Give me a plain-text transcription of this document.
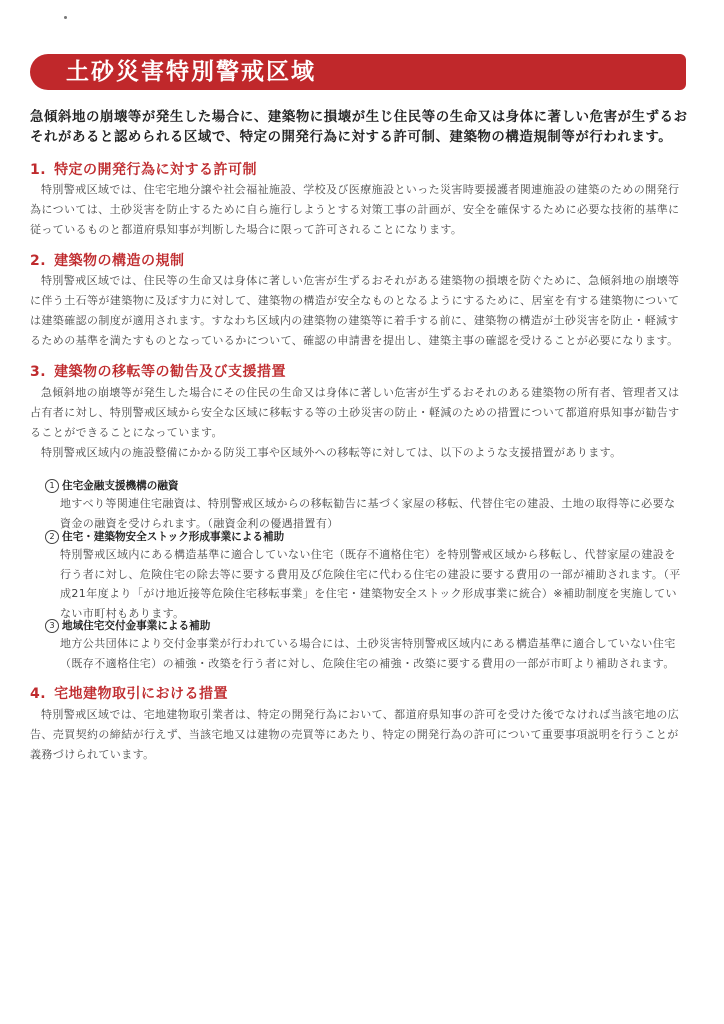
土砂災害特別警戒区域
急傾斜地の崩壊等が発生した場合に、建築物に損壊が生じ住民等の生命又は身体に著しい危害が生ずるおそれがあると認められる区域で、特定の開発行為に対する許可制、建築物の構造規制等が行われます。
1. 特定の開発行為に対する許可制

特別警戒区域では、住宅宅地分譲や社会福祉施設、学校及び医療施設といった災害時要援護者関連施設の建築のための開発行為については、土砂災害を防止するために自ら施行しようとする対策工事の計画が、安全を確保するために必要な技術的基準に従っているものと都道府県知事が判断した場合に限って許可されることになります。

2. 建築物の構造の規制

特別警戒区域では、住民等の生命又は身体に著しい危害が生ずるおそれがある建築物の損壊を防ぐために、急傾斜地の崩壊等に伴う土石等が建築物に及ぼす力に対して、建築物の構造が安全なものとなるようにするために、居室を有する建築物については建築確認の制度が適用されます。すなわち区域内の建築物の建築等に着手する前に、建築物の構造が土砂災害を防止・軽減するための基準を満たすものとなっているかについて、確認の申請書を提出し、建築主事の確認を受けることが必要になります。

3. 建築物の移転等の勧告及び支援措置

急傾斜地の崩壊等が発生した場合にその住民の生命又は身体に著しい危害が生ずるおそれのある建築物の所有者、管理者又は占有者に対し、特別警戒区域から安全な区域に移転する等の土砂災害の防止・軽減のための措置について都道府県知事が勧告することができることになっています。

特別警戒区域内の施設整備にかかる防災工事や区域外への移転等に対しては、以下のような支援措置があります。

1 住宅金融支援機構の融資
地すべり等関連住宅融資は、特別警戒区域からの移転勧告に基づく家屋の移転、代替住宅の建設、土地の取得等に必要な資金の融資を受けられます。（融資金利の優遇措置有）
2 住宅・建築物安全ストック形成事業による補助
特別警戒区域内にある構造基準に適合していない住宅（既存不適格住宅）を特別警戒区域から移転し、代替家屋の建設を行う者に対し、危険住宅の除去等に要する費用及び危険住宅に代わる住宅の建設に要する費用の一部が補助されます。（平成21年度より「がけ地近接等危険住宅移転事業」を住宅・建築物安全ストック形成事業に統合）※補助制度を実施していない市町村もあります。
3 地域住宅交付金事業による補助
地方公共団体により交付金事業が行われている場合には、土砂災害特別警戒区域内にある構造基準に適合していない住宅（既存不適格住宅）の補強・改築を行う者に対し、危険住宅の補強・改築に要する費用の一部が市町より補助されます。
4. 宅地建物取引における措置

特別警戒区域では、宅地建物取引業者は、特定の開発行為において、都道府県知事の許可を受けた後でなければ当該宅地の広告、売買契約の締結が行えず、当該宅地又は建物の売買等にあたり、特定の開発行為の許可について重要事項説明を行うことが義務づけられています。
